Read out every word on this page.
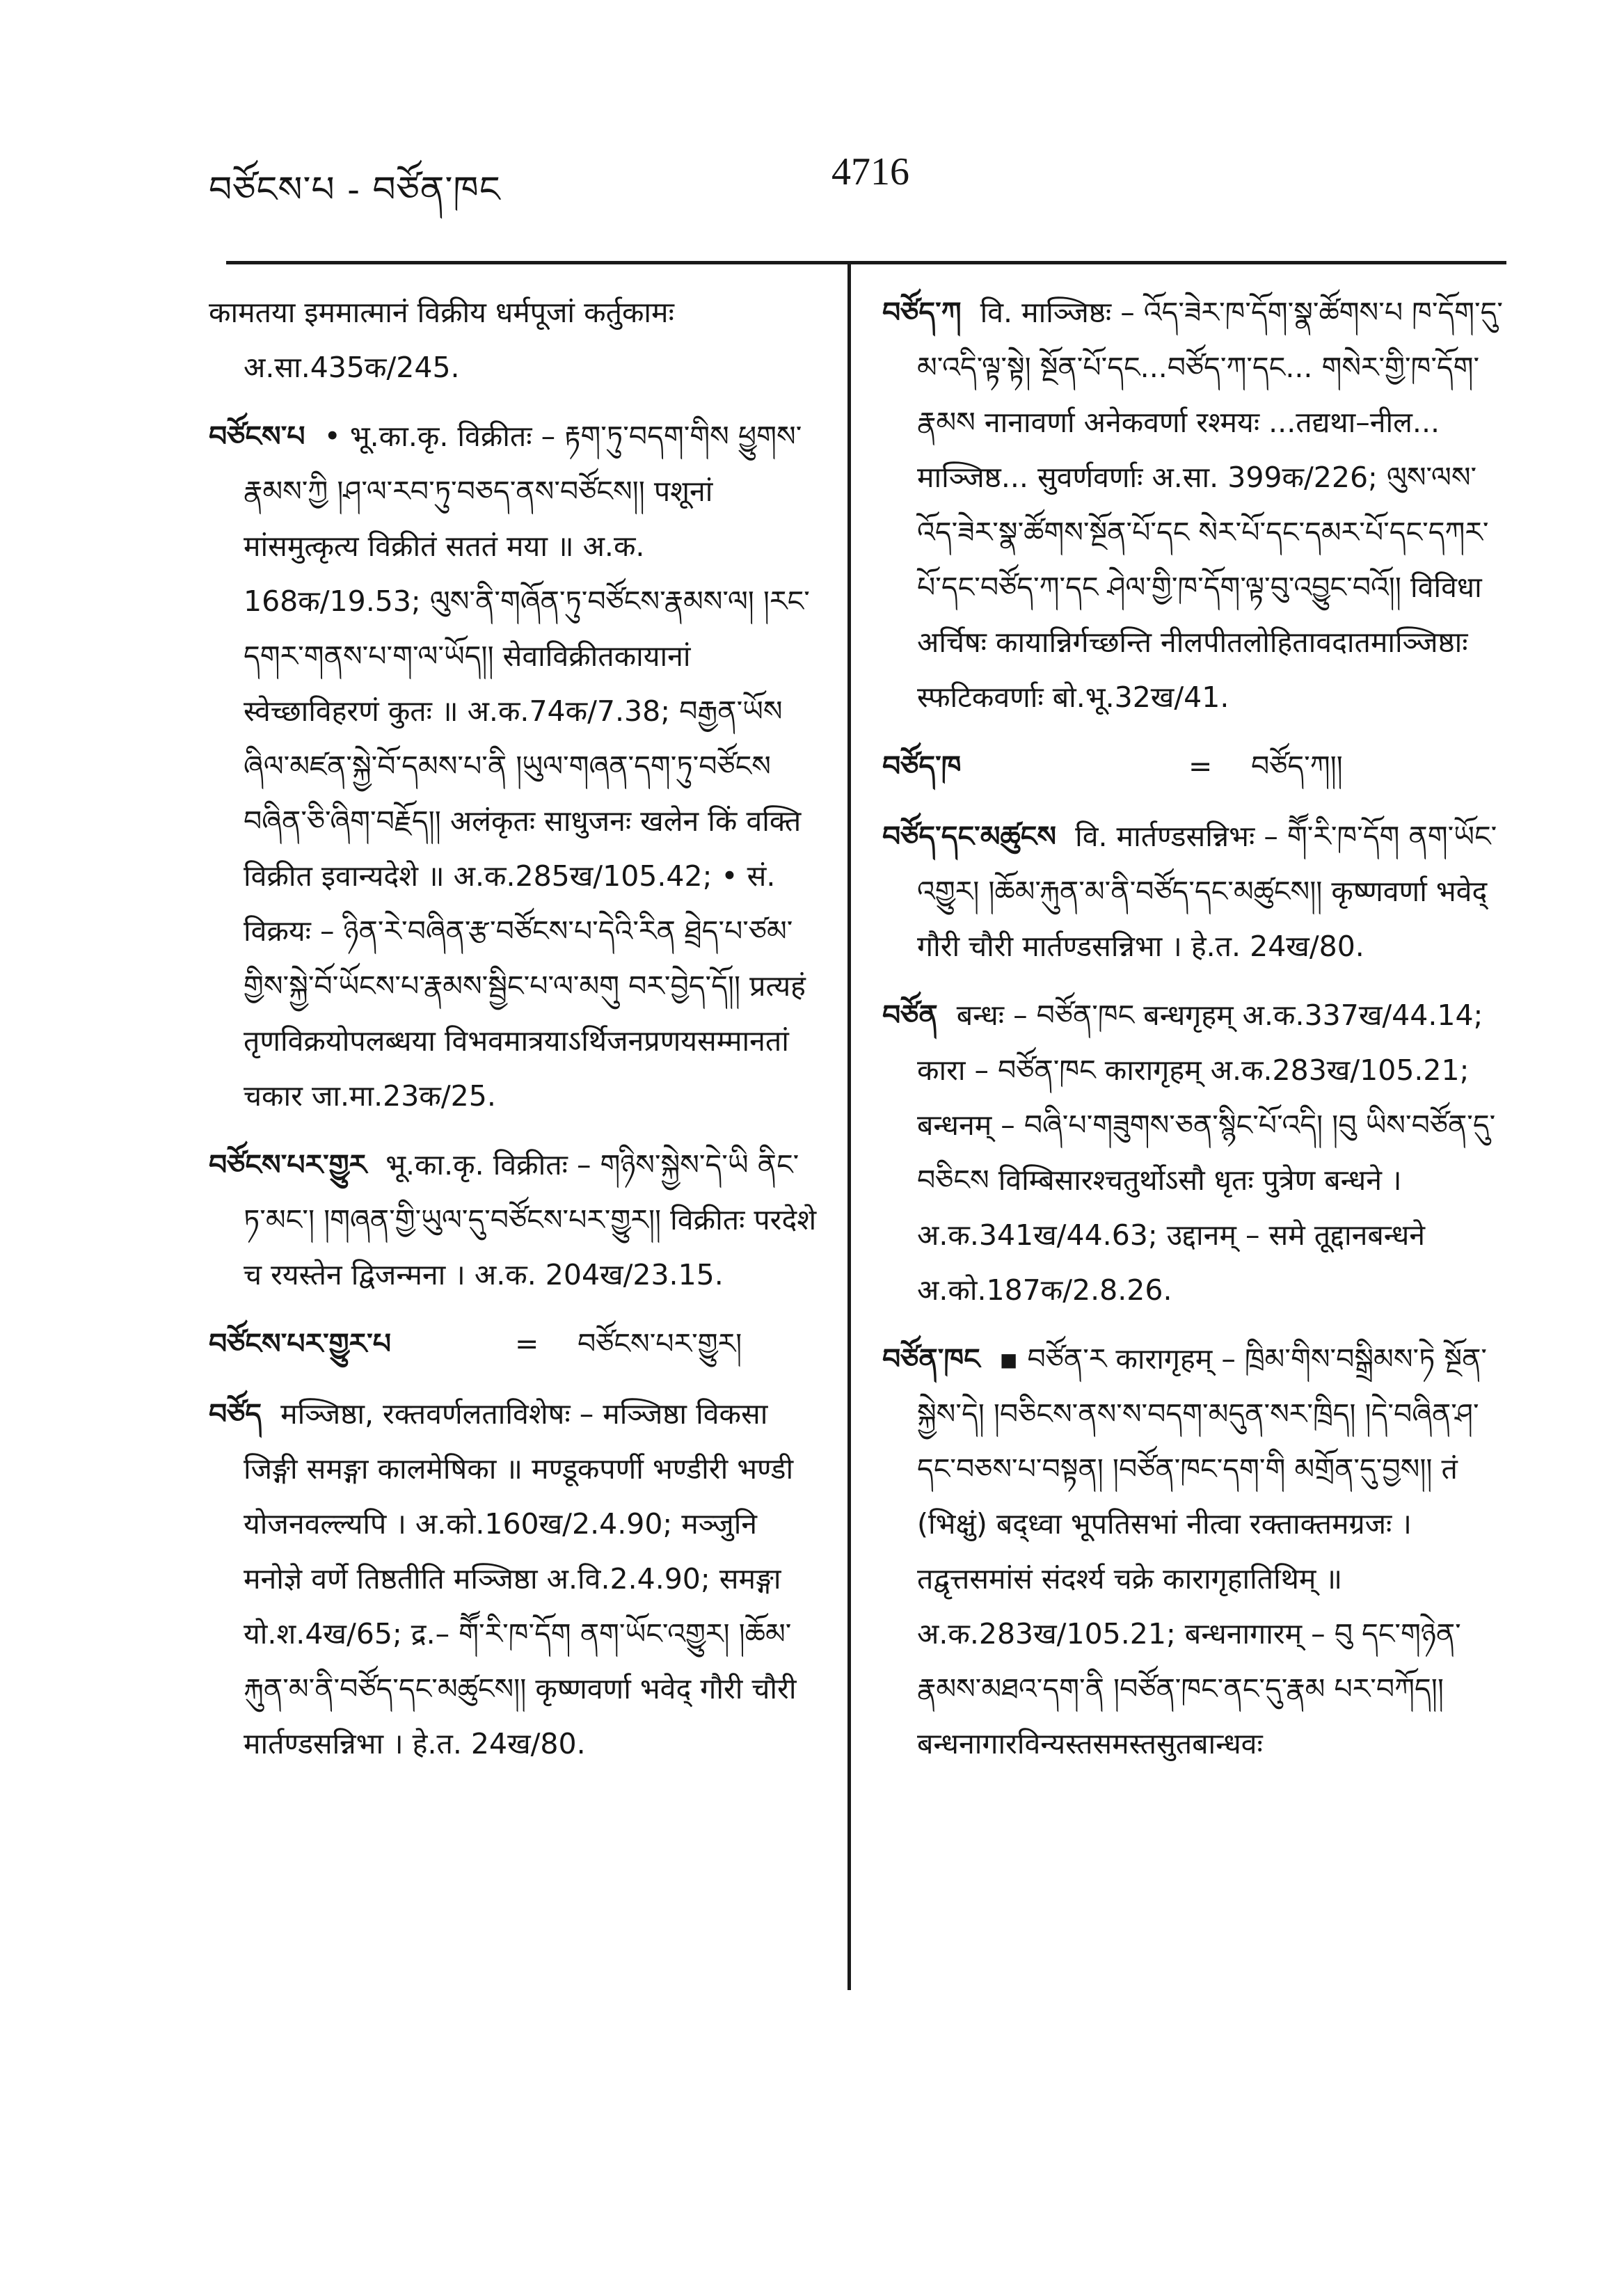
བཙོངས་པ - བཙོན་ཁང	4716

कामतया इममात्मानं विक्रीय धर्मपूजां कर्तुकामः अ.सा.435क/245.

བཙོངས་པ • भू.का.कृ. विक्रीतः – རྟག་ཏུ་བདག་གིས ཕྱུགས་རྣམས་ཀྱི །ཤ་ལ་རབ་ཏུ་བཅད་ནས་བཙོངས།། पशूनां मांसमुत्कृत्य विक्रीतं सततं मया ॥ अ.क. 168क/19.53; ལུས་ནི་གཞོན་ཏུ་བཙོངས་རྣམས་ལ། །རང་དགར་གནས་པ་ག་ལ་ཡོད།། सेवाविक्रीतकायानां स्वेच्छाविहरणं कुतः ॥ अ.क.74क/7.38; བརྒྱན་ཡོས ཞིལ་མཛན་སྐྱེ་བོ་དམས་པ་ནི །ཡུལ་གཞན་དག་ཏུ་བཙོངས བཞིན་ཅི་ཞིག་བརྗོད།། अलंकृतः साधुजनः खलेन किं वक्ति विक्रीत इवान्यदेशे ॥ अ.क.285ख/105.42; • सं. विक्रयः – ཉིན་རེ་བཞིན་རྩ་བཙོངས་པ་དེའི་རིན ཐྲེད་པ་ཙམ་གྱིས་སྐྱེ་བོ་ཡོངས་པ་རྣམས་སྦྱིང་པ་ལ་མགུ བར་བྱེད་དོ།། प्रत्यहं तृणविक्रयोपलब्धया विभवमात्रयाऽर्थिजनप्रणयसम्मानतां चकार जा.मा.23क/25.

བཙོངས་པར་གྱུར भू.का.कृ. विक्रीतः – གཉིས་སྐྱེས་དེ་ཡི ནིང་ཏ་མང་། །གཞན་གྱི་ཡུལ་དུ་བཙོངས་པར་གྱུར།། विक्रीतः परदेशे च रयस्तेन द्विजन्मना । अ.क. 204ख/23.15.

བཙོངས་པར་གྱུར་པ	=	བཙོངས་པར་གྱུར།

བཙོད मञ्जिष्ठा, रक्तवर्णलताविशेषः – मञ्जिष्ठा विकसा जिङ्गी समङ्गा कालमेषिका ॥ मण्डूकपर्णी भण्डीरी भण्डी योजनवल्ल्यपि । अ.को.160ख/2.4.90; मञ्जुनि मनोज्ञे वर्णे तिष्ठतीति मञ्जिष्ठा अ.वि.2.4.90; समङ्गा यो.श.4ख/65; द्र.– གཽ་རི་ཁ་དོག ནག་ཡོང་འགྱུར། །ཆོམ་རྐུན་མ་ནི་བཙོད་དང་མཚུངས།། कृष्णवर्णा भवेद् गौरी चौरी मार्तण्डसन्निभा । हे.त. 24ख/80.

བཙོད་ཀ वि. माञ्जिष्ठः – འོད་ཟེར་ཁ་དོག་སྣ་ཚོགས་པ ཁ་དོག་དུ་མ་འདི་ལྟ་སྟེ། སྔོན་པོ་དང...བཙོད་ཀ་དང... གསེར་གྱི་ཁ་དོག་རྣམས नानावर्णा अनेकवर्णा रश्मयः ...तद्यथा–नील... माञ्जिष्ठ... सुवर्णवर्णाः अ.सा. 399क/226; ལུས་ལས་འོད་ཟེར་སྣ་ཚོགས་སྔོན་པོ་དང སེར་པོ་དང་དམར་པོ་དང་དཀར་པོ་དང་བཙོད་ཀ་དང ཤེལ་གྱི་ཁ་དོག་ལྟ་བུ་འབྱུང་བའོ།། विविधा अर्चिषः कायान्निर्गच्छन्ति नीलपीतलोहितावदातमाञ्जिष्ठाः स्फटिकवर्णाः बो.भू.32ख/41.

བཙོད་ཁ	=	བཙོད་ཀ།།

བཙོད་དང་མཚུངས वि. मार्तण्डसन्निभः – གཽ་རི་ཁ་དོག ནག་ཡོང་འགྱུར། །ཆོམ་རྐུན་མ་ནི་བཙོད་དང་མཚུངས།། कृष्णवर्णा भवेद् गौरी चौरी मार्तण्डसन्निभा । हे.त. 24ख/80.

བཙོན बन्धः – བཙོན་ཁང बन्धगृहम् अ.क.337ख/44.14; कारा – བཙོན་ཁང कारागृहम् अ.क.283ख/105.21; बन्धनम् – བཞི་པ་གཟུགས་ཅན་སྙིང་པོ་འདི། །བུ ཡིས་བཙོན་དུ་བཅིངས विम्बिसारश्चतुर्थोऽसौ धृतः पुत्रेण बन्धने । अ.क.341ख/44.63; उद्दानम् – समे तूद्दानबन्धने अ.को.187क/2.8.26.

བཙོན་ཁང ▪ བཙོན་ར कारागृहम् – ཁྲིམ་གིས་བསྒྲིམས་ཏེ སྔོན་སྐྱེས་དེ། །བཅིངས་ནས་ས་བདག་མདུན་སར་ཁྲིད། །དེ་བཞིན་ཤ་དང་བཅས་པ་བསྟན། །བཙོན་ཁང་དག་གི མགྲོན་དུ་བྱས།། तं (भिक्षुं) बद्ध्वा भूपतिसभां नीत्वा रक्ताक्तमग्रजः । तद्वृत्तसमांसं संदर्श्य चक्रे कारागृहातिथिम् ॥ अ.क.283ख/105.21; बन्धनागारम् – བུ དང་གཉེན་རྣམས་མཐའ་དག་ནི །བཙོན་ཁང་ནང་དུ་རྣམ པར་བཀོད།། बन्धनागारविन्यस्तसमस्तसुतबान्धवः
